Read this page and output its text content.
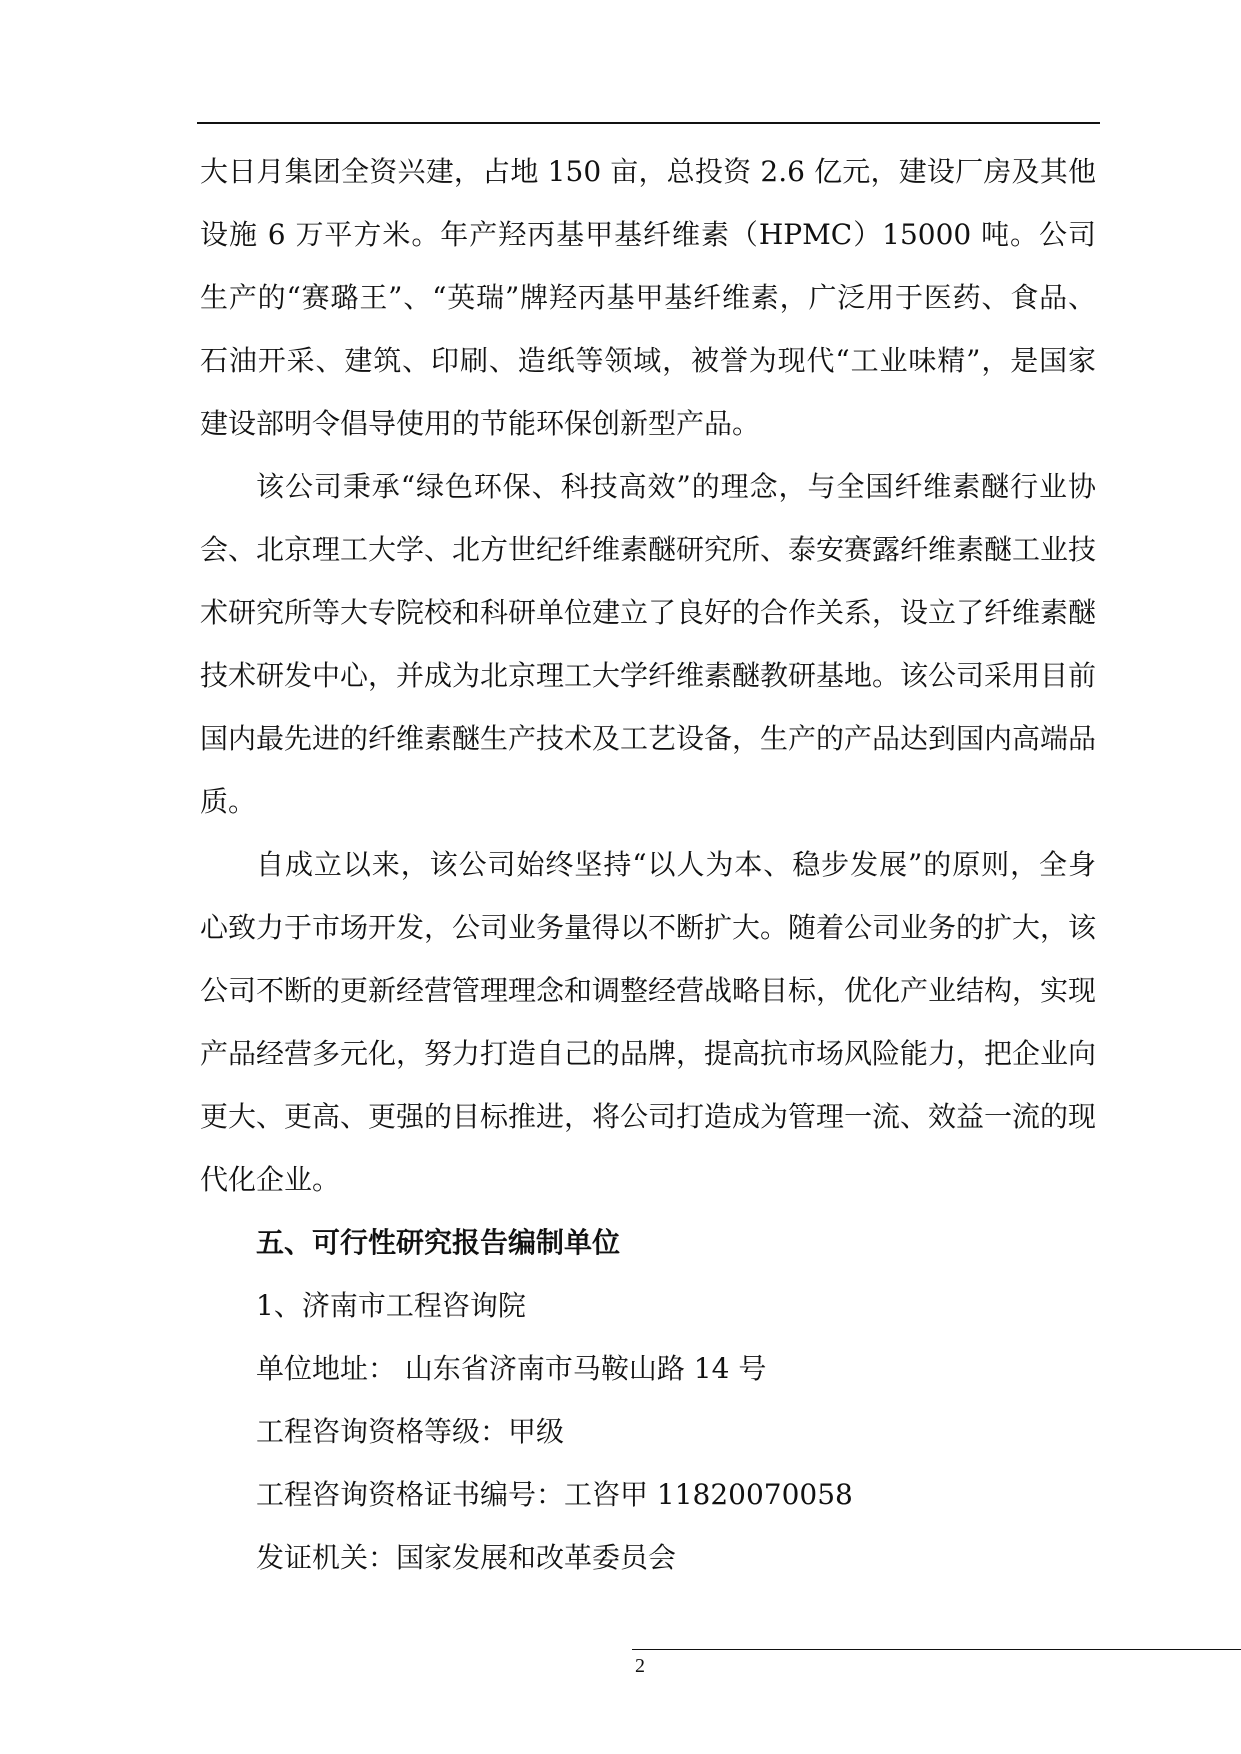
大日月集团全资兴建，占地 150 亩，总投资 2.6 亿元，建设厂房及其他设施 6 万平方米。年产羟丙基甲基纤维素（HPMC）15000 吨。公司生产的“赛璐王”、“英瑞”牌羟丙基甲基纤维素，广泛用于医药、食品、石油开采、建筑、印刷、造纸等领域，被誉为现代“工业味精”，是国家建设部明令倡导使用的节能环保创新型产品。

该公司秉承“绿色环保、科技高效”的理念，与全国纤维素醚行业协会、北京理工大学、北方世纪纤维素醚研究所、泰安赛露纤维素醚工业技术研究所等大专院校和科研单位建立了良好的合作关系，设立了纤维素醚技术研发中心，并成为北京理工大学纤维素醚教研基地。该公司采用目前国内最先进的纤维素醚生产技术及工艺设备，生产的产品达到国内高端品质。

自成立以来，该公司始终坚持“以人为本、稳步发展”的原则，全身心致力于市场开发，公司业务量得以不断扩大。随着公司业务的扩大，该公司不断的更新经营管理理念和调整经营战略目标，优化产业结构，实现产品经营多元化，努力打造自己的品牌，提高抗市场风险能力，把企业向更大、更高、更强的目标推进，将公司打造成为管理一流、效益一流的现代化企业。

五、可行性研究报告编制单位

1、济南市工程咨询院

单位地址： 山东省济南市马鞍山路 14 号

工程咨询资格等级：甲级

工程咨询资格证书编号：工咨甲 11820070058

发证机关：国家发展和改革委员会

2
